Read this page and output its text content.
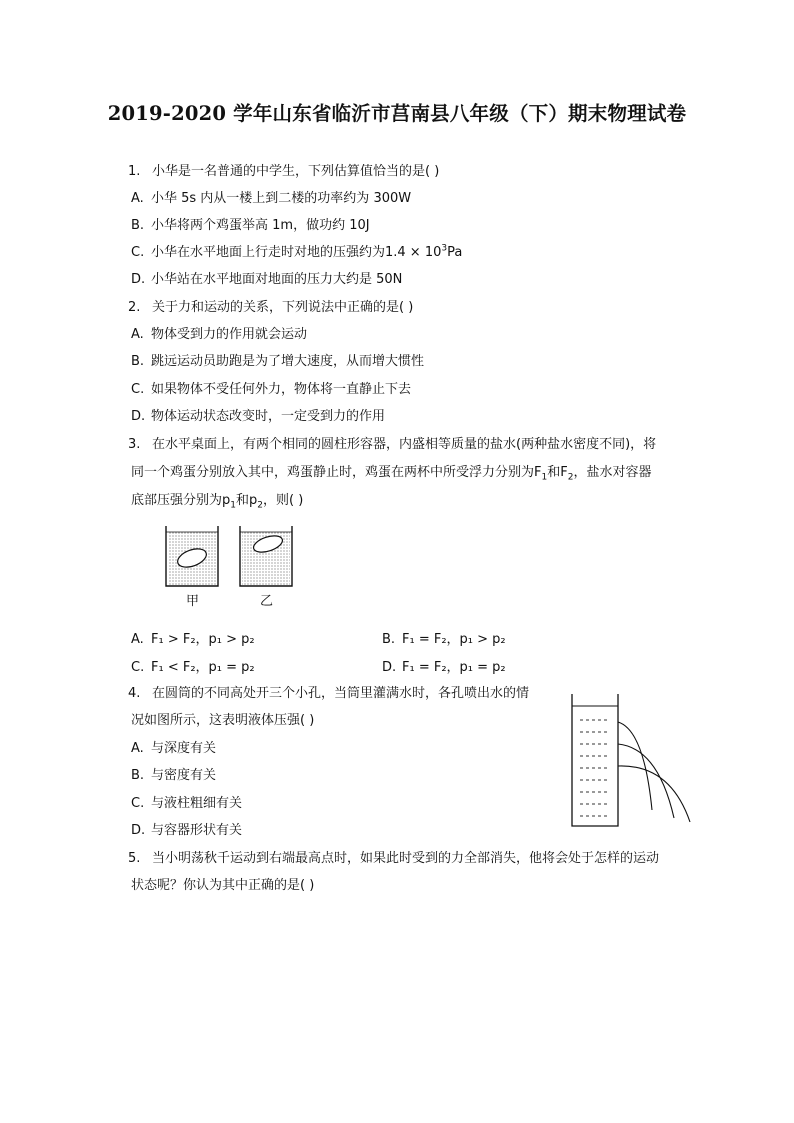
2019-2020 学年山东省临沂市莒南县八年级（下）期末物理试卷
1. 小华是一名普通的中学生，下列估算值恰当的是( )
A. 小华 5s 内从一楼上到二楼的功率约为 300W
B. 小华将两个鸡蛋举高 1m，做功约 10J
C. 小华在水平地面上行走时对地的压强约为$1.4 \times 10^3Pa$
D. 小华站在水平地面对地面的压力大约是 50N
2. 关于力和运动的关系，下列说法中正确的是( )
A. 物体受到力的作用就会运动
B. 跳远运动员助跑是为了增大速度，从而增大惯性
C. 如果物体不受任何外力，物体将一直静止下去
D. 物体运动状态改变时，一定受到力的作用
3. 在水平桌面上，有两个相同的圆柱形容器，内盛相等质量的盐水(两种盐水密度不同)，将
同一个鸡蛋分别放入其中，鸡蛋静止时，鸡蛋在两杯中所受浮力分别为$F_1$和$F_2$，盐水对容器
底部压强分别为$p_1$和$p_2$，则( )
甲	乙
A. F₁ > F₂，p₁ > p₂	B. F₁ = F₂，p₁ > p₂
C. F₁ < F₂，p₁ = p₂	D. F₁ = F₂，p₁ = p₂
4. 在圆筒的不同高处开三个小孔，当筒里灌满水时，各孔喷出水的情
况如图所示，这表明液体压强( )
A. 与深度有关
B. 与密度有关
C. 与液柱粗细有关
D. 与容器形状有关
5. 当小明荡秋千运动到右端最高点时，如果此时受到的力全部消失，他将会处于怎样的运动
状态呢？你认为其中正确的是( )
